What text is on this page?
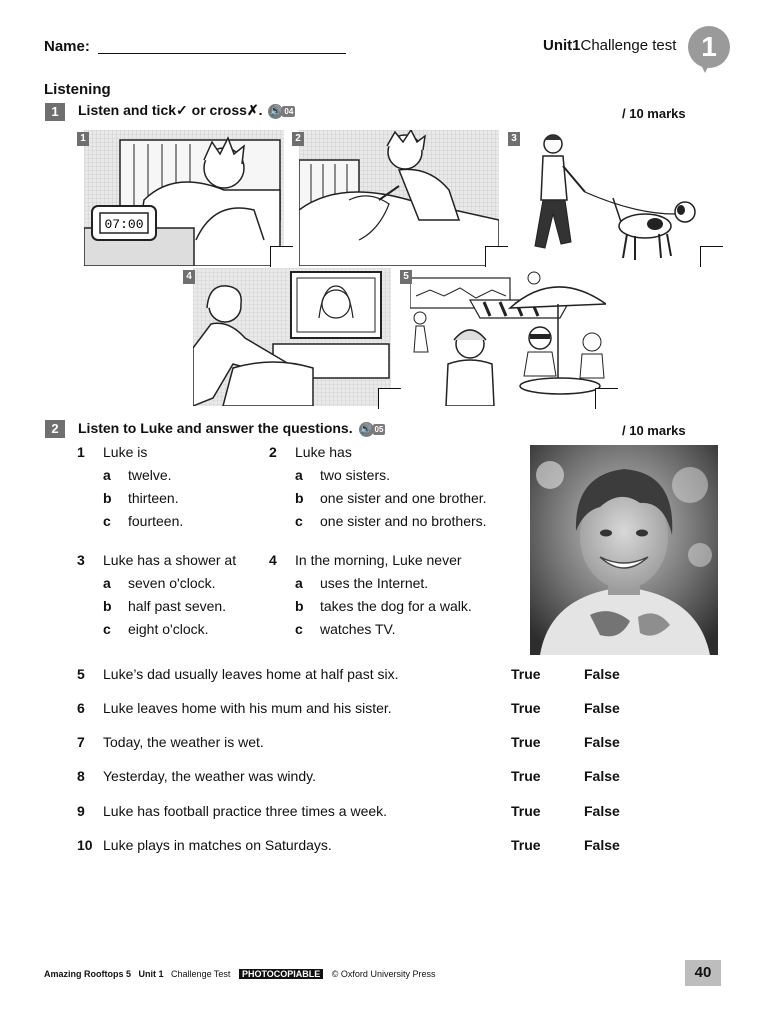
Name:	Unit1Challenge test 1
Listening
1	Listen and tick✓ or cross✗. 🔊 04	/ 10 marks
07:00
1	2	3
4	5
2	Listen to Luke and answer the questions. 🔊 05	/ 10 marks
1 Luke is
a twelve.
b thirteen.
c fourteen.
2 Luke has
a two sisters.
b one sister and one brother.
c one sister and no brothers.
3 Luke has a shower at
a seven o'clock.
b half past seven.
c eight o'clock.
4 In the morning, Luke never
a uses the Internet.
b takes the dog for a walk.
c watches TV.
5 Luke’s dad usually leaves home at half past six.	True	False
6 Luke leaves home with his mum and his sister.	True	False
7 Today, the weather is wet.	True	False
8 Yesterday, the weather was windy.	True	False
9 Luke has football practice three times a week.	True	False
10 Luke plays in matches on Saturdays.	True	False
Amazing Rooftops 5 Unit 1 Challenge Test PHOTOCOPIABLE © Oxford University Press	40
